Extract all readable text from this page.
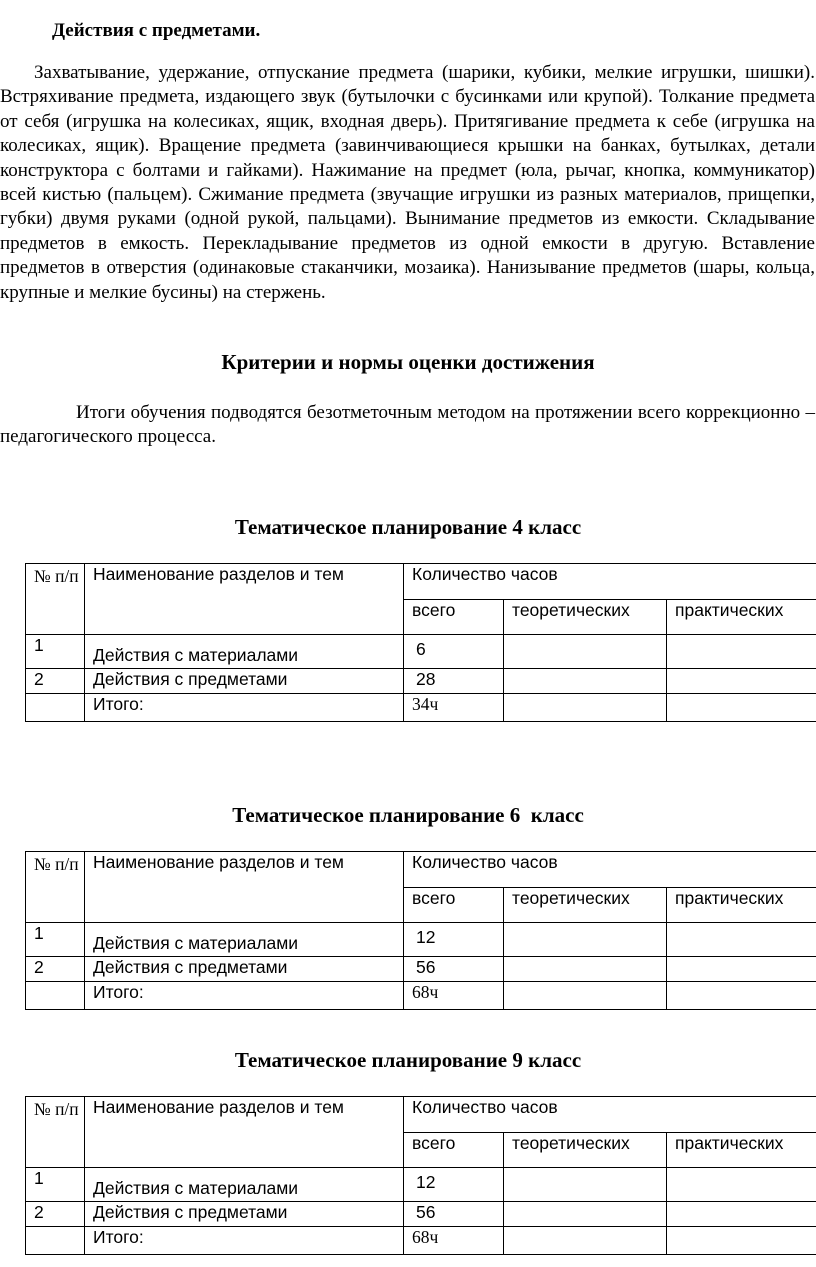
Действия с предметами.

Захватывание, удержание, отпускание предмета (шарики, кубики, мелкие игрушки, шишки). Встряхивание предмета, издающего звук (бутылочки с бусинками или крупой). Толкание предмета от себя (игрушка на колесиках, ящик, входная дверь). Притягивание предмета к себе (игрушка на колесиках, ящик). Вращение предмета (завинчивающиеся крышки на банках, бутылках, детали конструктора с болтами и гайками). Нажимание на предмет (юла, рычаг, кнопка, коммуникатор) всей кистью (пальцем). Сжимание предмета (звучащие игрушки из разных материалов, прищепки, губки) двумя руками (одной рукой, пальцами). Вынимание предметов из емкости. Складывание предметов в емкость. Перекладывание предметов из одной емкости в другую. Вставление предметов в отверстия (одинаковые стаканчики, мозаика). Нанизывание предметов (шары, кольца, крупные и мелкие бусины) на стержень.

Критерии и нормы оценки достижения

Итоги обучения подводятся безотметочным методом на протяжении всего коррекционно – педагогического процесса.

Тематическое планирование 4 класс
№ п/п	Наименование разделов и тем	Количество часов		
		всего	теоретических	практических
1	Действия с материалами	6		

2	Действия с предметами	28		
	Итого:	34ч		
Тематическое планирование 6  класс
№ п/п	Наименование разделов и тем	Количество часов		
		всего	теоретических	практических
1	Действия с материалами	12		

2	Действия с предметами	56		
	Итого:	68ч		
Тематическое планирование 9 класс
№ п/п	Наименование разделов и тем	Количество часов		
		всего	теоретических	практических
1	Действия с материалами	12		

2	Действия с предметами	56		
	Итого:	68ч		
